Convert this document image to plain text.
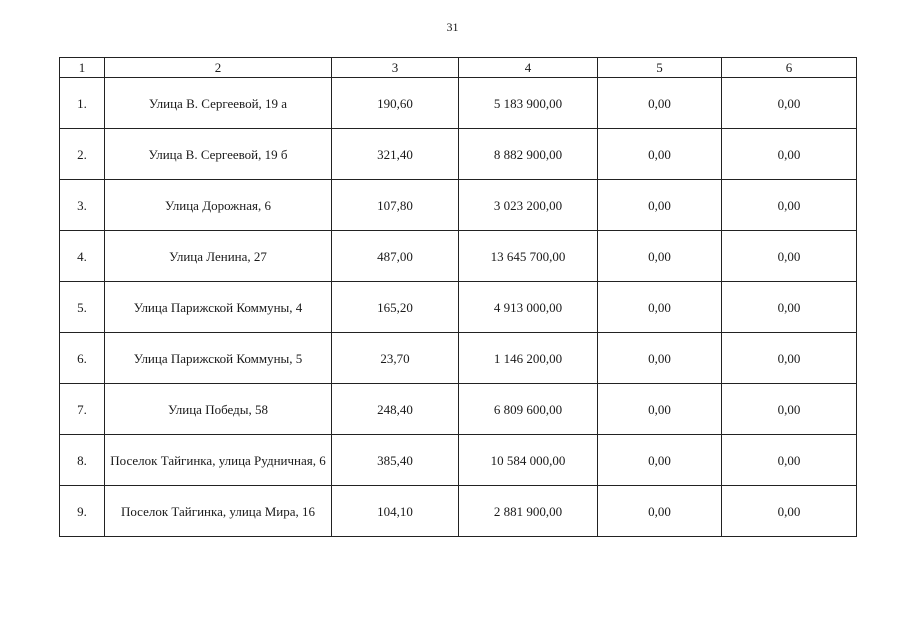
31
1	2	3	4	5	6
1.	Улица В. Сергеевой, 19 а	190,60	5 183 900,00	0,00	0,00
2.	Улица В. Сергеевой, 19 б	321,40	8 882 900,00	0,00	0,00
3.	Улица Дорожная, 6	107,80	3 023 200,00	0,00	0,00
4.	Улица Ленина, 27	487,00	13 645 700,00	0,00	0,00
5.	Улица Парижской Коммуны, 4	165,20	4 913 000,00	0,00	0,00
6.	Улица Парижской Коммуны, 5	23,70	1 146 200,00	0,00	0,00
7.	Улица Победы, 58	248,40	6 809 600,00	0,00	0,00
8.	Поселок Тайгинка, улица Рудничная, 6	385,40	10 584 000,00	0,00	0,00
9.	Поселок Тайгинка, улица Мира, 16	104,10	2 881 900,00	0,00	0,00
